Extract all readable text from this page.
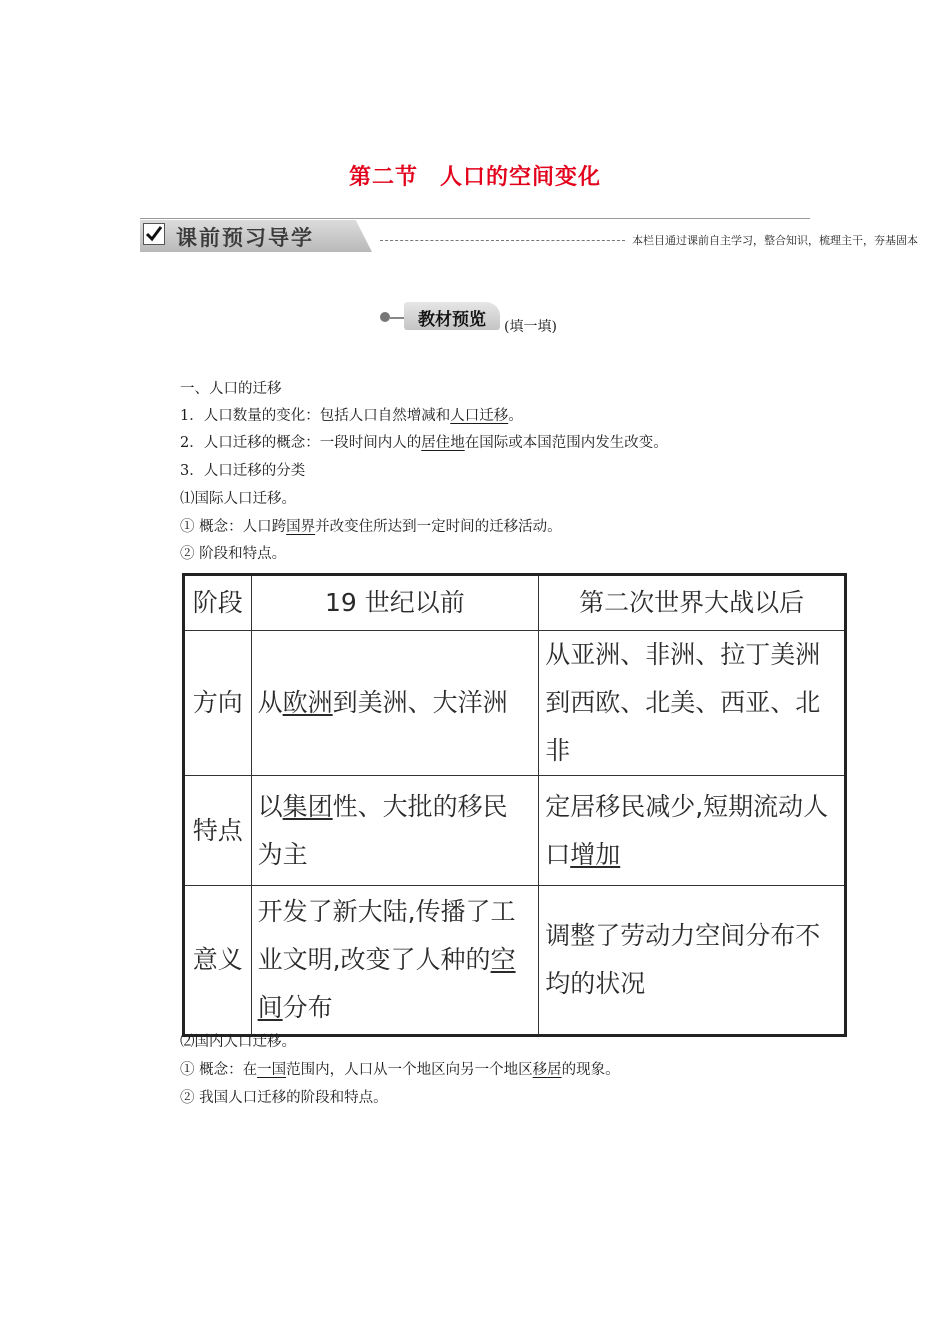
第二节 人口的空间变化
课前预习导学	本栏目通过课前自主学习，整合知识，梳理主干，夯基固本
教材预览	(填一填)
一、人口的迁移
1．人口数量的变化：包括人口自然增减和人口迁移。
2．人口迁移的概念：一段时间内人的居住地在国际或本国范围内发生改变。
3．人口迁移的分类
⑴国际人口迁移。
① 概念：人口跨国界并改变住所达到一定时间的迁移活动。
② 阶段和特点。
阶段	19 世纪以前	第二次世界大战以后
方向	从欧洲到美洲、大洋洲	从亚洲、非洲、拉丁美洲到西欧、北美、西亚、北非
特点	以集团性、大批的移民为主	定居移民减少,短期流动人口增加
意义	开发了新大陆,传播了工业文明,改变了人种的空间分布	调整了劳动力空间分布不均的状况
⑵国内人口迁移。
① 概念：在一国范围内，人口从一个地区向另一个地区移居的现象。
② 我国人口迁移的阶段和特点。
